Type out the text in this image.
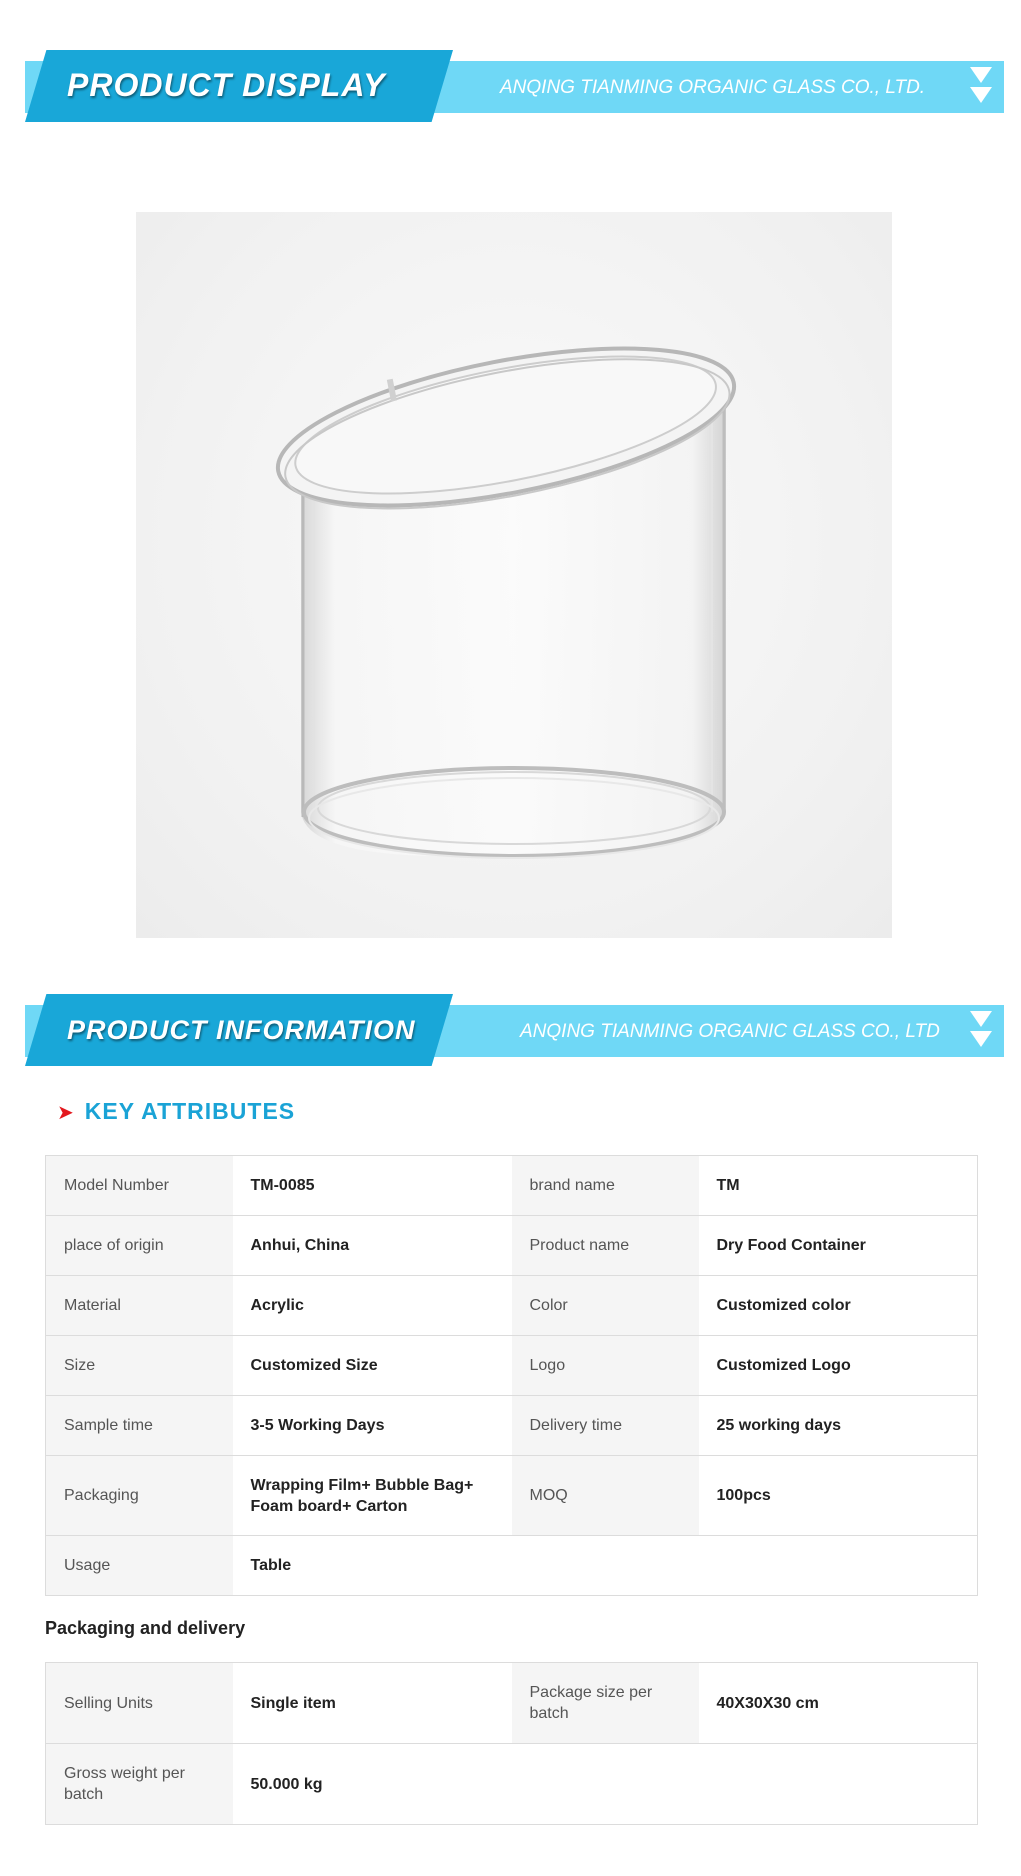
PRODUCT DISPLAY	ANQING TIANMING ORGANIC GLASS CO., LTD.
PRODUCT INFORMATION	ANQING TIANMING ORGANIC GLASS CO., LTD
➤ KEY ATTRIBUTES
Model Number	TM-0085	brand name	TM
place of origin	Anhui, China	Product name	Dry Food Container
Material	Acrylic	Color	Customized color
Size	Customized Size	Logo	Customized Logo
Sample time	3-5 Working Days	Delivery time	25 working days
Packaging	Wrapping Film+ Bubble Bag+ Foam board+ Carton	MOQ	100pcs
Usage	Table		
Packaging and delivery
Selling Units	Single item	Package size per batch	40X30X30 cm
Gross weight per batch	50.000 kg		
